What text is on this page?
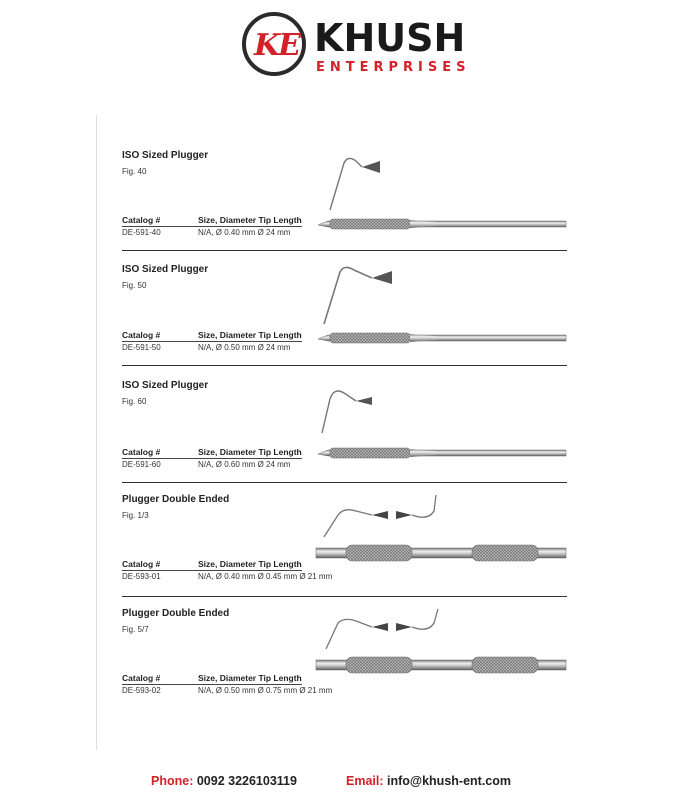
KE KHUSH
ENTERPRISES
ISO Sized Plugger
Fig. 40
Catalog #	Size, Diameter Tip Length
DE-591-40	N/A, Ø 0.40 mm Ø 24 mm
ISO Sized Plugger
Fig. 50
Catalog #	Size, Diameter Tip Length
DE-591-50	N/A, Ø 0.50 mm Ø 24 mm
ISO Sized Plugger
Fig. 60
Catalog #	Size, Diameter Tip Length
DE-591-60	N/A, Ø 0.60 mm Ø 24 mm
Plugger Double Ended
Fig. 1/3
Catalog #	Size, Diameter Tip Length
DE-593-01	N/A, Ø 0.40 mm Ø 0.45 mm Ø 21 mm
Plugger Double Ended
Fig. 5/7
Catalog #	Size, Diameter Tip Length
DE-593-02	N/A, Ø 0.50 mm Ø 0.75 mm Ø 21 mm
Phone: 0092 3226103119	Email: info@khush-ent.com
